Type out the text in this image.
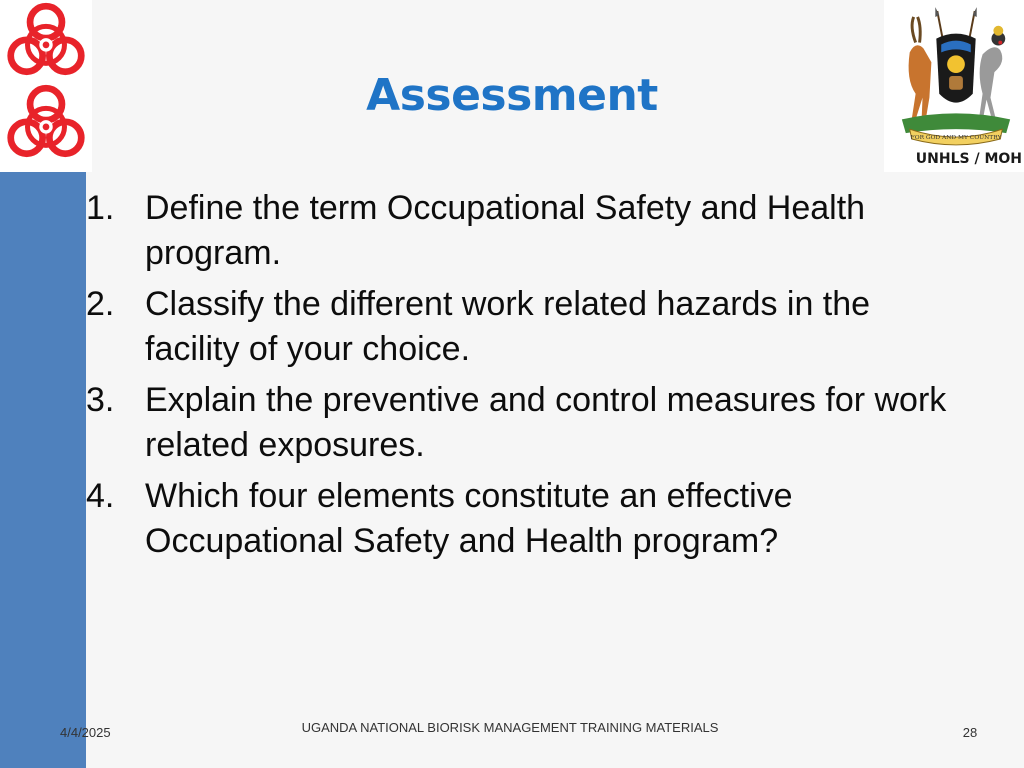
FOR GOD AND MY COUNTRY
UNHLS / MOH
Assessment
1. Define the term Occupational Safety and Health program.
2. Classify the different work related hazards in the facility of your choice.
3. Explain the preventive and control measures for work related exposures.
4. Which four elements constitute an effective Occupational Safety and Health program?
4/4/2025	UGANDA NATIONAL BIORISK MANAGEMENT TRAINING MATERIALS	28
